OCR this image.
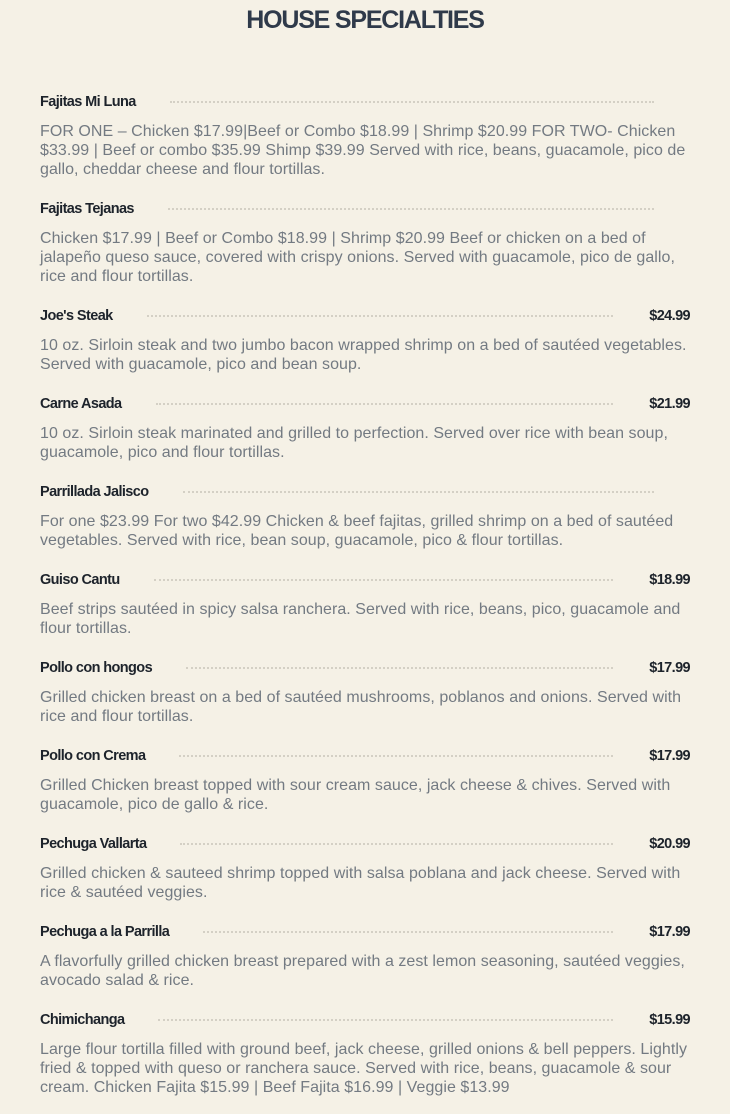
HOUSE SPECIALTIES
Fajitas Mi Luna

FOR ONE – Chicken $17.99|Beef or Combo $18.99 | Shrimp $20.99 FOR TWO- Chicken $33.99 | Beef or combo $35.99 Shimp $39.99 Served with rice, beans, guacamole, pico de gallo, cheddar cheese and flour tortillas.

Fajitas Tejanas

Chicken $17.99 | Beef or Combo $18.99 | Shrimp $20.99 Beef or chicken on a bed of jalapeño queso sauce, covered with crispy onions. Served with guacamole, pico de gallo, rice and flour tortillas.

Joe's Steak	$24.99

10 oz. Sirloin steak and two jumbo bacon wrapped shrimp on a bed of sautéed vegetables. Served with guacamole, pico and bean soup.

Carne Asada	$21.99

10 oz. Sirloin steak marinated and grilled to perfection. Served over rice with bean soup, guacamole, pico and flour tortillas.

Parrillada Jalisco

For one $23.99 For two $42.99 Chicken & beef fajitas, grilled shrimp on a bed of sautéed vegetables. Served with rice, bean soup, guacamole, pico & flour tortillas.

Guiso Cantu	$18.99

Beef strips sautéed in spicy salsa ranchera. Served with rice, beans, pico, guacamole and flour tortillas.

Pollo con hongos	$17.99

Grilled chicken breast on a bed of sautéed mushrooms, poblanos and onions. Served with rice and flour tortillas.

Pollo con Crema	$17.99

Grilled Chicken breast topped with sour cream sauce, jack cheese & chives. Served with guacamole, pico de gallo & rice.

Pechuga Vallarta	$20.99

Grilled chicken & sauteed shrimp topped with salsa poblana and jack cheese. Served with rice & sautéed veggies.

Pechuga a la Parrilla	$17.99

A flavorfully grilled chicken breast prepared with a zest lemon seasoning, sautéed veggies, avocado salad & rice.

Chimichanga	$15.99

Large flour tortilla filled with ground beef, jack cheese, grilled onions & bell peppers. Lightly fried & topped with queso or ranchera sauce. Served with rice, beans, guacamole & sour cream. Chicken Fajita $15.99 | Beef Fajita $16.99 | Veggie $13.99
